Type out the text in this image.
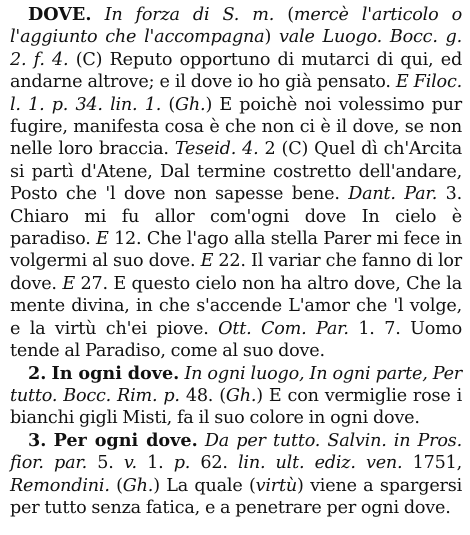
DOVE. In forza di S. m. (mercè l'articolo o l'aggiunto che l'accompagna) vale Luogo. Bocc. g. 2. f. 4. (C) Reputo opportuno di mutarci di qui, ed andarne altrove; e il dove io ho già pensato. E Filoc. l. 1. p. 34. lin. 1. (Gh.) E poichè noi volessimo pur fugire, manifesta cosa è che non ci è il dove, se non nelle loro braccia. Teseid. 4. 2 (C) Quel dì ch'Arcita si partì d'Atene, Dal termine costretto dell'andare, Posto che 'l dove non sapesse bene. Dant. Par. 3. Chiaro mi fu allor com'ogni dove In cielo è paradiso. E 12. Che l'ago alla stella Parer mi fece in volgermi al suo dove. E 22. Il variar che fanno di lor dove. E 27. E questo cielo non ha altro dove, Che la mente divina, in che s'accende L'amor che 'l volge, e la virtù ch'ei piove. Ott. Com. Par. 1. 7. Uomo tende al Paradiso, come al suo dove.

2. In ogni dove. In ogni luogo, In ogni parte, Per tutto. Bocc. Rim. p. 48. (Gh.) E con vermiglie rose i bianchi gigli Misti, fa il suo colore in ogni dove.

3. Per ogni dove. Da per tutto. Salvin. in Pros. fior. par. 5. v. 1. p. 62. lin. ult. ediz. ven. 1751, Remondini. (Gh.) La quale (virtù) viene a spargersi per tutto senza fatica, e a penetrare per ogni dove.
